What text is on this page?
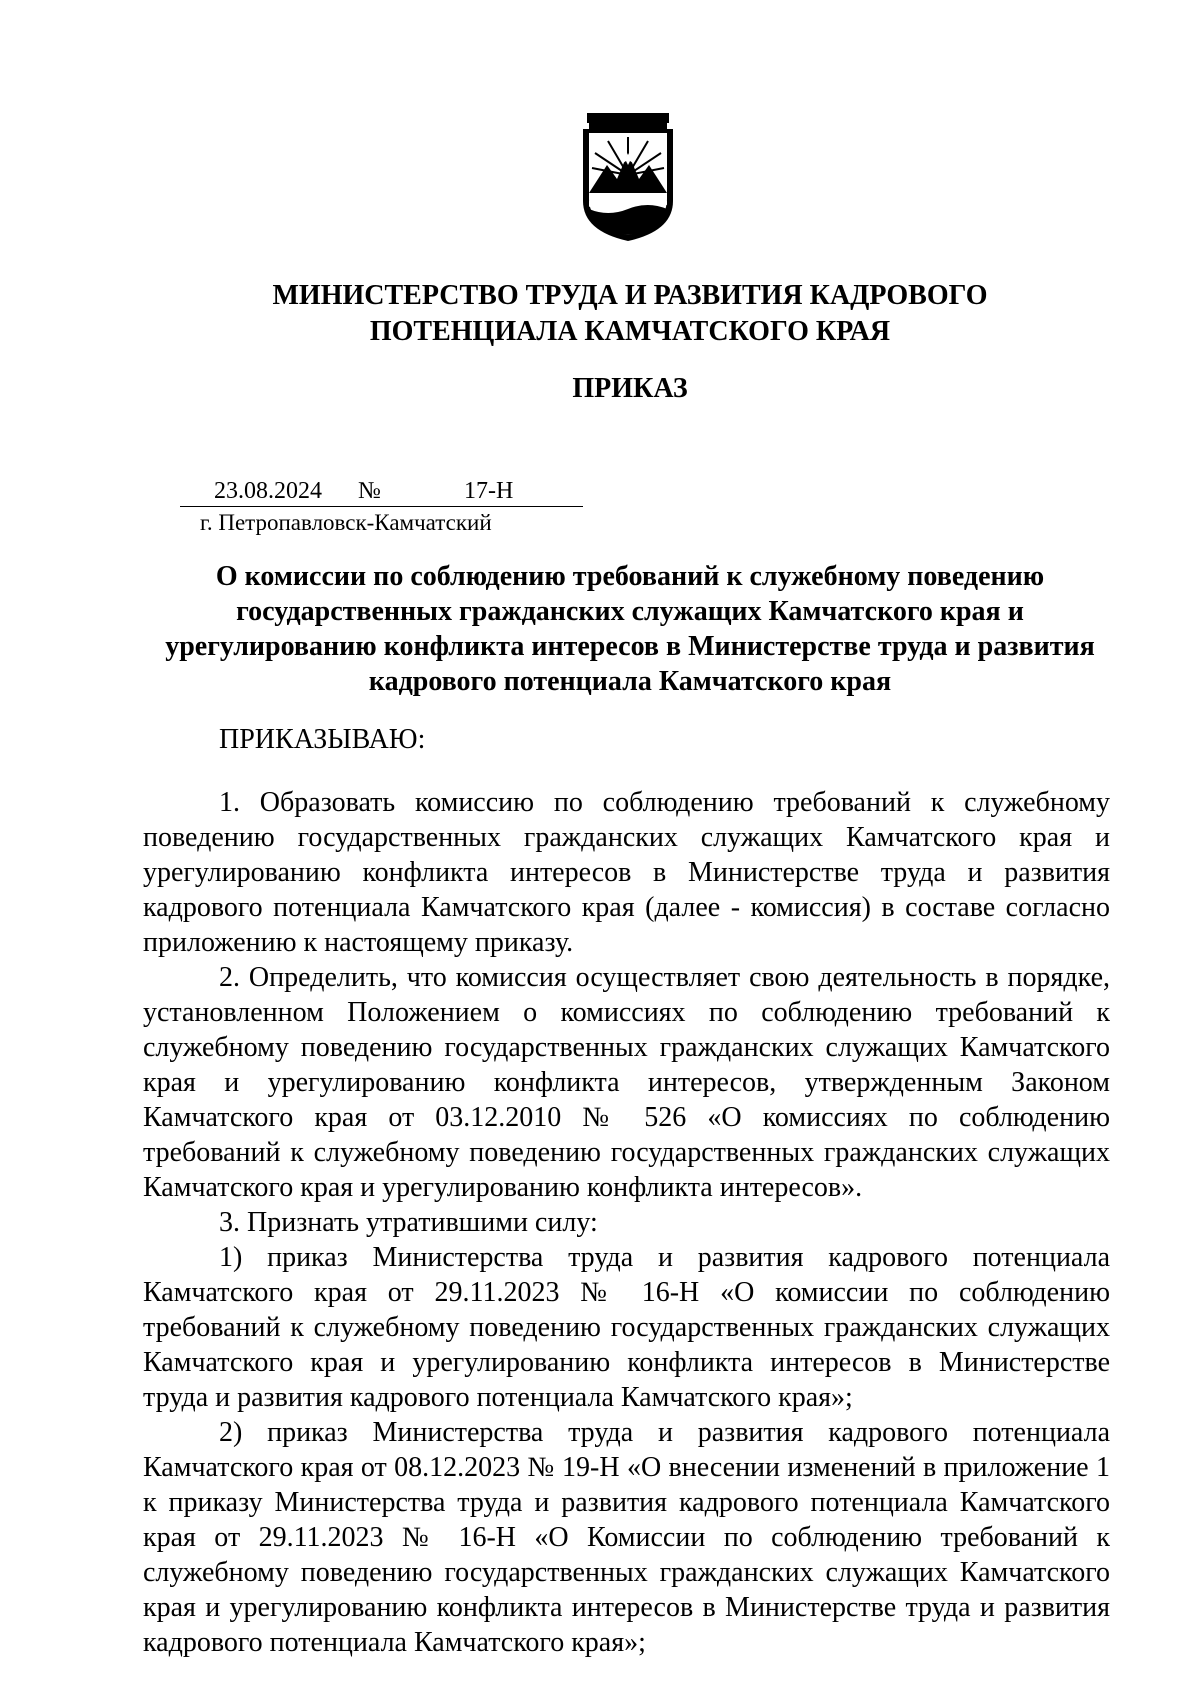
МИНИСТЕРСТВО ТРУДА И РАЗВИТИЯ КАДРОВОГО
ПОТЕНЦИАЛА КАМЧАТСКОГО КРАЯ
ПРИКАЗ
23.08.2024 №	17-Н
г. Петропавловск-Камчатский
О комиссии по соблюдению требований к служебному поведению государственных гражданских служащих Камчатского края и урегулированию конфликта интересов в Министерстве труда и развития кадрового потенциала Камчатского края
ПРИКАЗЫВАЮ:

1. Образовать комиссию по соблюдению требований к служебному поведению государственных гражданских служащих Камчатского края и урегулированию конфликта интересов в Министерстве труда и развития кадрового потенциала Камчатского края (далее - комиссия) в составе согласно приложению к настоящему приказу.

2. Определить, что комиссия осуществляет свою деятельность в порядке, установленном Положением о комиссиях по соблюдению требований к служебному поведению государственных гражданских служащих Камчатского края и урегулированию конфликта интересов, утвержденным Законом Камчатского края от 03.12.2010 № 526 «О комиссиях по соблюдению требований к служебному поведению государственных гражданских служащих Камчатского края и урегулированию конфликта интересов».

3. Признать утратившими силу:

1) приказ Министерства труда и развития кадрового потенциала Камчатского края от 29.11.2023 № 16-Н «О комиссии по соблюдению требований к служебному поведению государственных гражданских служащих Камчатского края и урегулированию конфликта интересов в Министерстве труда и развития кадрового потенциала Камчатского края»;

2) приказ Министерства труда и развития кадрового потенциала Камчатского края от 08.12.2023 № 19-Н «О внесении изменений в приложение 1 к приказу Министерства труда и развития кадрового потенциала Камчатского края от 29.11.2023 № 16-Н «О Комиссии по соблюдению требований к служебному поведению государственных гражданских служащих Камчатского края и урегулированию конфликта интересов в Министерстве труда и развития кадрового потенциала Камчатского края»;
